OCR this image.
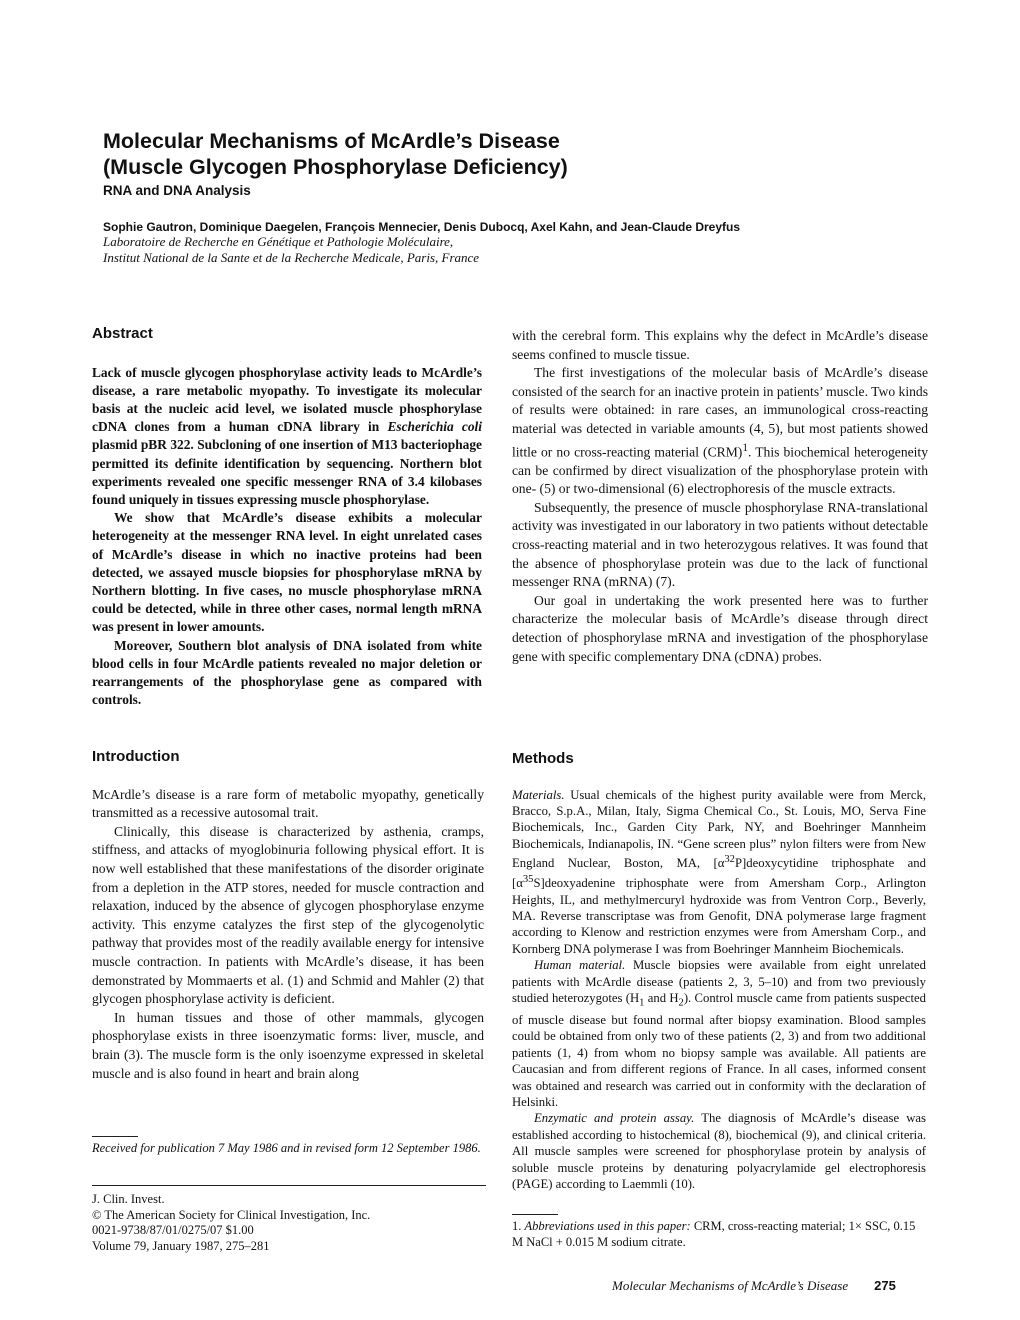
Molecular Mechanisms of McArdle’s Disease
(Muscle Glycogen Phosphorylase Deficiency)
RNA and DNA Analysis
Sophie Gautron, Dominique Daegelen, François Mennecier, Denis Dubocq, Axel Kahn, and Jean-Claude Dreyfus
Laboratoire de Recherche en Génétique et Pathologie Moléculaire,
Institut National de la Sante et de la Recherche Medicale, Paris, France
Abstract

Lack of muscle glycogen phosphorylase activity leads to McArdle’s disease, a rare metabolic myopathy. To investigate its molecular basis at the nucleic acid level, we isolated muscle phosphorylase cDNA clones from a human cDNA library in Escherichia coli plasmid pBR 322. Subcloning of one insertion of M13 bacteriophage permitted its definite identification by sequencing. Northern blot experiments revealed one specific messenger RNA of 3.4 kilobases found uniquely in tissues expressing muscle phosphorylase.

We show that McArdle’s disease exhibits a molecular heterogeneity at the messenger RNA level. In eight unrelated cases of McArdle’s disease in which no inactive proteins had been detected, we assayed muscle biopsies for phosphorylase mRNA by Northern blotting. In five cases, no muscle phosphorylase mRNA could be detected, while in three other cases, normal length mRNA was present in lower amounts.

Moreover, Southern blot analysis of DNA isolated from white blood cells in four McArdle patients revealed no major deletion or rearrangements of the phosphorylase gene as compared with controls.

Introduction

McArdle’s disease is a rare form of metabolic myopathy, genetically transmitted as a recessive autosomal trait.

Clinically, this disease is characterized by asthenia, cramps, stiffness, and attacks of myoglobinuria following physical effort. It is now well established that these manifestations of the disorder originate from a depletion in the ATP stores, needed for muscle contraction and relaxation, induced by the absence of glycogen phosphorylase enzyme activity. This enzyme catalyzes the first step of the glycogenolytic pathway that provides most of the readily available energy for intensive muscle contraction. In patients with McArdle’s disease, it has been demonstrated by Mommaerts et al. (1) and Schmid and Mahler (2) that glycogen phosphorylase activity is deficient.

In human tissues and those of other mammals, glycogen phosphorylase exists in three isoenzymatic forms: liver, muscle, and brain (3). The muscle form is the only isoenzyme expressed in skeletal muscle and is also found in heart and brain along

with the cerebral form. This explains why the defect in McArdle’s disease seems confined to muscle tissue.

The first investigations of the molecular basis of McArdle’s disease consisted of the search for an inactive protein in patients’ muscle. Two kinds of results were obtained: in rare cases, an immunological cross-reacting material was detected in variable amounts (4, 5), but most patients showed little or no cross-reacting material (CRM)$^1$. This biochemical heterogeneity can be confirmed by direct visualization of the phosphorylase protein with one- (5) or two-dimensional (6) electrophoresis of the muscle extracts.

Subsequently, the presence of muscle phosphorylase RNA-translational activity was investigated in our laboratory in two patients without detectable cross-reacting material and in two heterozygous relatives. It was found that the absence of phosphorylase protein was due to the lack of functional messenger RNA (mRNA) (7).

Our goal in undertaking the work presented here was to further characterize the molecular basis of McArdle’s disease through direct detection of phosphorylase mRNA and investigation of the phosphorylase gene with specific complementary DNA (cDNA) probes.

Methods

Materials. Usual chemicals of the highest purity available were from Merck, Bracco, S.p.A., Milan, Italy, Sigma Chemical Co., St. Louis, MO, Serva Fine Biochemicals, Inc., Garden City Park, NY, and Boehringer Mannheim Biochemicals, Indianapolis, IN. “Gene screen plus” nylon filters were from New England Nuclear, Boston, MA, $[\alpha^{32}P]deoxycytidine$ triphosphate and $[\alpha^{35}S]deoxyadenine$ triphosphate were from Amersham Corp., Arlington Heights, IL, and methylmercuryl hydroxide was from Ventron Corp., Beverly, MA. Reverse transcriptase was from Genofit, DNA polymerase large fragment according to Klenow and restriction enzymes were from Amersham Corp., and Kornberg DNA polymerase I was from Boehringer Mannheim Biochemicals.

Human material. Muscle biopsies were available from eight unrelated patients with McArdle disease (patients 2, 3, 5–10) and from two previously studied heterozygotes ($H_1$ and $H_2$). Control muscle came from patients suspected of muscle disease but found normal after biopsy examination. Blood samples could be obtained from only two of these patients (2, 3) and from two additional patients (1, 4) from whom no biopsy sample was available. All patients are Caucasian and from different regions of France. In all cases, informed consent was obtained and research was carried out in conformity with the declaration of Helsinki.

Enzymatic and protein assay. The diagnosis of McArdle’s disease was established according to histochemical (8), biochemical (9), and clinical criteria. All muscle samples were screened for phosphorylase protein by analysis of soluble muscle proteins by denaturing polyacrylamide gel electrophoresis (PAGE) according to Laemmli (10).

Received for publication 7 May 1986 and in revised form 12 September 1986.
J. Clin. Invest.
© The American Society for Clinical Investigation, Inc.
0021-9738/87/01/0275/07 $1.00
Volume 79, January 1987, 275–281
1. Abbreviations used in this paper: CRM, cross-reacting material; 1× SSC, 0.15 M NaCl + 0.015 M sodium citrate.
Molecular Mechanisms of McArdle’s Disease 275
